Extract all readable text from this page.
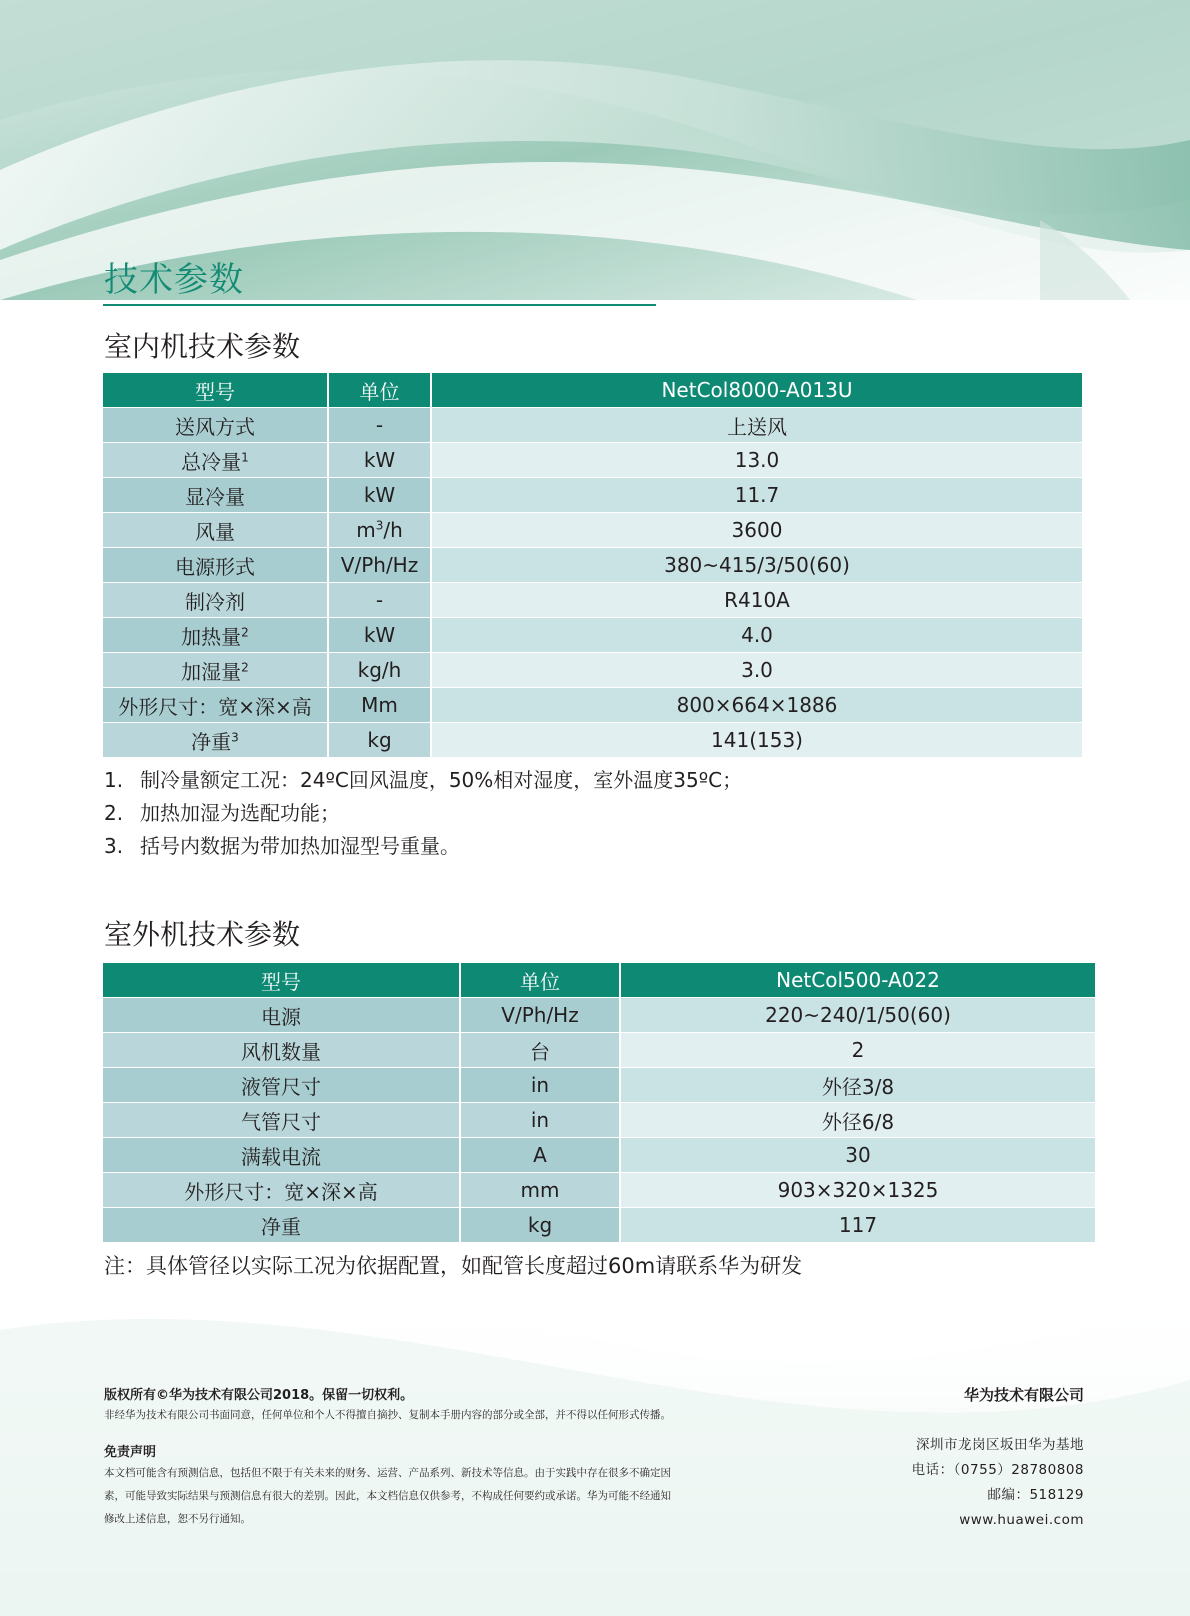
技术参数
室内机技术参数
型号	单位	NetCol8000-A013U
送风方式	-	上送风
总冷量$^1$	kW	13.0
显冷量	kW	11.7
风量	$m^3/h$	3600
电源形式	V/Ph/Hz	380~415/3/50(60)
制冷剂	-	R410A
加热量$^2$	kW	4.0
加湿量$^2$	kg/h	3.0
外形尺寸：宽×深×高	Mm	800×664×1886
净重$^3$	kg	141(153)
1. 制冷量额定工况：24ºC回风温度，50%相对湿度，室外温度35ºC；
2. 加热加湿为选配功能；
3. 括号内数据为带加热加湿型号重量。
室外机技术参数
型号	单位	NetCol500-A022
电源	V/Ph/Hz	220~240/1/50(60)
风机数量	台	2
液管尺寸	in	外径3/8
气管尺寸	in	外径6/8
满载电流	A	30
外形尺寸：宽×深×高	mm	903×320×1325
净重	kg	117

注：具体管径以实际工况为依据配置，如配管长度超过60m请联系华为研发

版权所有©华为技术有限公司2018。保留一切权利。

非经华为技术有限公司书面同意，任何单位和个人不得擅自摘抄、复制本手册内容的部分或全部，并不得以任何形式传播。

免责声明

本文档可能含有预测信息，包括但不限于有关未来的财务、运营、产品系列、新技术等信息。由于实践中存在很多不确定因

素，可能导致实际结果与预测信息有很大的差别。因此，本文档信息仅供参考，不构成任何要约或承诺。华为可能不经通知

修改上述信息，恕不另行通知。

华为技术有限公司

深圳市龙岗区坂田华为基地

电话：（0755）28780808

邮编：518129

www.huawei.com
